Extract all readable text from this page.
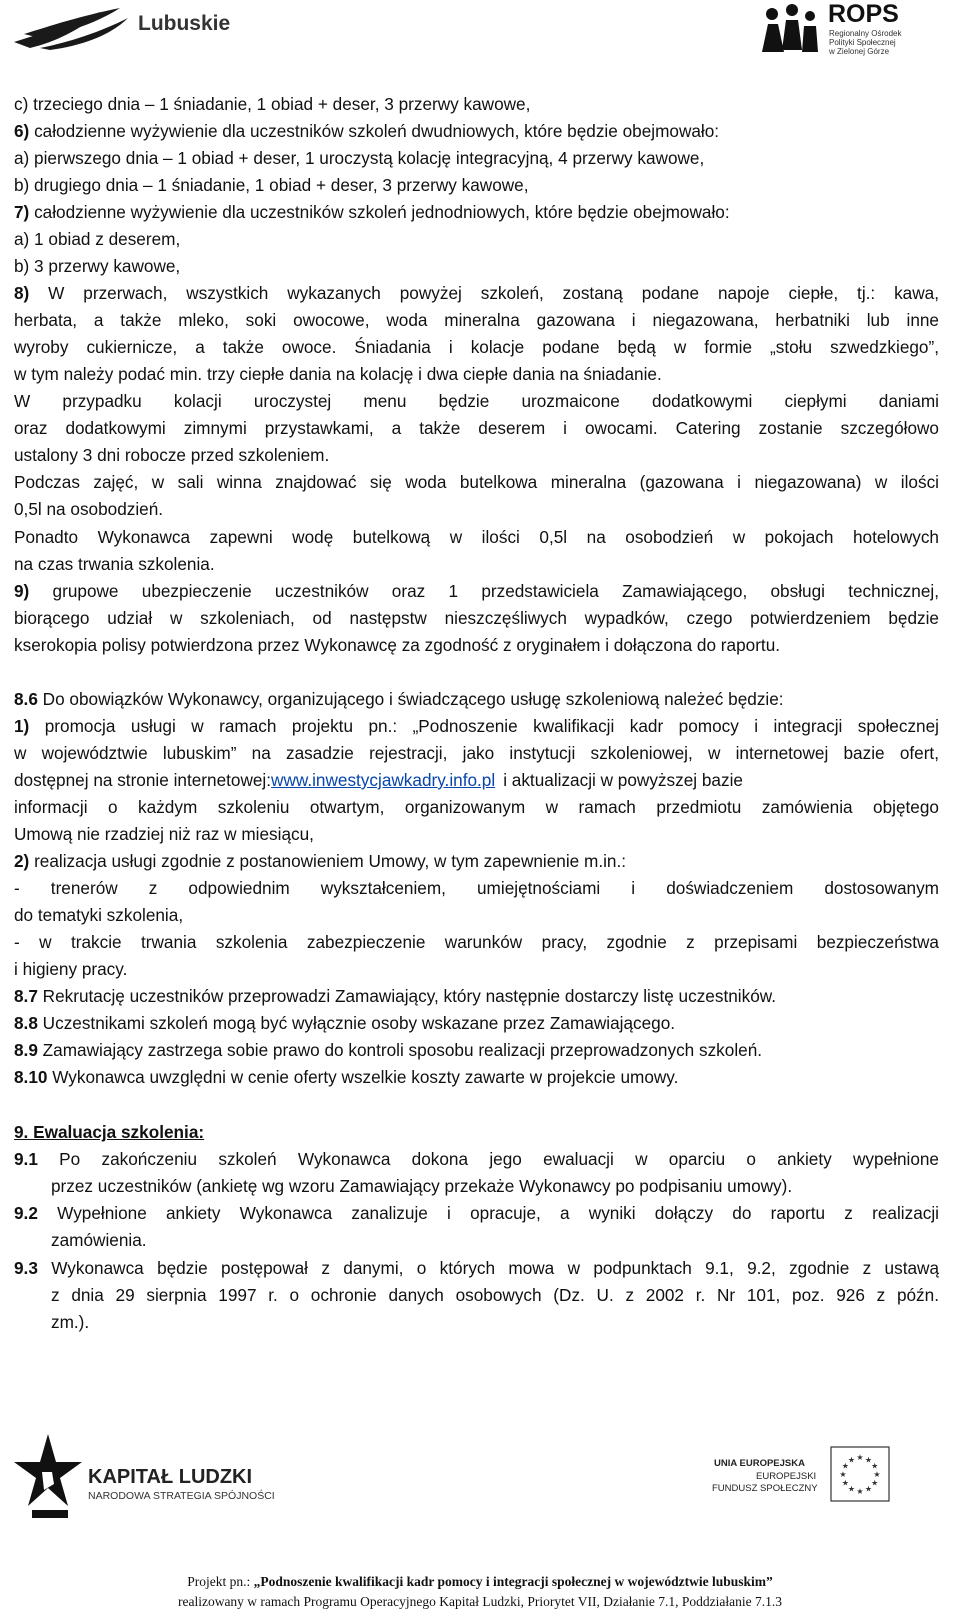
Lubuskie	ROPS
Regionalny Ośrodek
Polityki Społecznej
w Zielonej Górze
c) trzeciego dnia – 1 śniadanie, 1 obiad + deser, 3 przerwy kawowe,
6) całodzienne wyżywienie dla uczestników szkoleń dwudniowych, które będzie obejmowało:
a) pierwszego dnia – 1 obiad + deser, 1 uroczystą kolację integracyjną, 4 przerwy kawowe,
b) drugiego dnia – 1 śniadanie, 1 obiad + deser, 3 przerwy kawowe,
7) całodzienne wyżywienie dla uczestników szkoleń jednodniowych, które będzie obejmowało:
a) 1 obiad z deserem,
b) 3 przerwy kawowe,
8) W przerwach, wszystkich wykazanych powyżej szkoleń, zostaną podane napoje ciepłe, tj.: kawa,
herbata, a także mleko, soki owocowe, woda mineralna gazowana i niegazowana, herbatniki lub inne
wyroby cukiernicze, a także owoce. Śniadania i kolacje podane będą w formie „stołu szwedzkiego”,
w tym należy podać min. trzy ciepłe dania na kolację i dwa ciepłe dania na śniadanie.
W przypadku kolacji uroczystej menu będzie urozmaicone dodatkowymi ciepłymi daniami
oraz dodatkowymi zimnymi przystawkami, a także deserem i owocami. Catering zostanie szczegółowo
ustalony 3 dni robocze przed szkoleniem.
Podczas zajęć, w sali winna znajdować się woda butelkowa mineralna (gazowana i niegazowana) w ilości
0,5l na osobodzień.
Ponadto Wykonawca zapewni wodę butelkową w ilości 0,5l na osobodzień w pokojach hotelowych
na czas trwania szkolenia.
9) grupowe ubezpieczenie uczestników oraz 1 przedstawiciela Zamawiającego, obsługi technicznej,
biorącego udział w szkoleniach, od następstw nieszczęśliwych wypadków, czego potwierdzeniem będzie
kserokopia polisy potwierdzona przez Wykonawcę za zgodność z oryginałem i dołączona do raportu.
8.6 Do obowiązków Wykonawcy, organizującego i świadczącego usługę szkoleniową należeć będzie:
1) promocja usługi w ramach projektu pn.: „Podnoszenie kwalifikacji kadr pomocy i integracji społecznej
w województwie lubuskim” na zasadzie rejestracji, jako instytucji szkoleniowej, w internetowej bazie ofert,
dostępnej na stronie internetowej: www.inwestycjawkadry.info.pl i aktualizacji w powyższej bazie
informacji o każdym szkoleniu otwartym, organizowanym w ramach przedmiotu zamówienia objętego
Umową nie rzadziej niż raz w miesiącu,
2) realizacja usługi zgodnie z postanowieniem Umowy, w tym zapewnienie m.in.:
- trenerów z odpowiednim wykształceniem, umiejętnościami i doświadczeniem dostosowanym
do tematyki szkolenia,
- w trakcie trwania szkolenia zabezpieczenie warunków pracy, zgodnie z przepisami bezpieczeństwa
i higieny pracy.
8.7 Rekrutację uczestników przeprowadzi Zamawiający, który następnie dostarczy listę uczestników.
8.8 Uczestnikami szkoleń mogą być wyłącznie osoby wskazane przez Zamawiającego.
8.9 Zamawiający zastrzega sobie prawo do kontroli sposobu realizacji przeprowadzonych szkoleń.
8.10 Wykonawca uwzględni w cenie oferty wszelkie koszty zawarte w projekcie umowy.
9. Ewaluacja szkolenia:
9.1 Po zakończeniu szkoleń Wykonawca dokona jego ewaluacji w oparciu o ankiety wypełnione
przez uczestników (ankietę wg wzoru Zamawiający przekaże Wykonawcy po podpisaniu umowy).
9.2 Wypełnione ankiety Wykonawca zanalizuje i opracuje, a wyniki dołączy do raportu z realizacji
zamówienia.
9.3 Wykonawca będzie postępował z danymi, o których mowa w podpunktach 9.1, 9.2, zgodnie z ustawą
z dnia 29 sierpnia 1997 r. o ochronie danych osobowych (Dz. U. z 2002 r. Nr 101, poz. 926 z późn.
zm.).
KAPITAŁ LUDZKI
NARODOWA STRATEGIA SPÓJNOŚCI
UNIA EUROPEJSKA
EUROPEJSKI
FUNDUSZ SPOŁECZNY
★
★
★
★
★
★
★
★
★ ★ ★
★
Projekt pn.: „Podnoszenie kwalifikacji kadr pomocy i integracji społecznej w województwie lubuskim”
realizowany w ramach Programu Operacyjnego Kapitał Ludzki, Priorytet VII, Działanie 7.1, Poddziałanie 7.1.3
